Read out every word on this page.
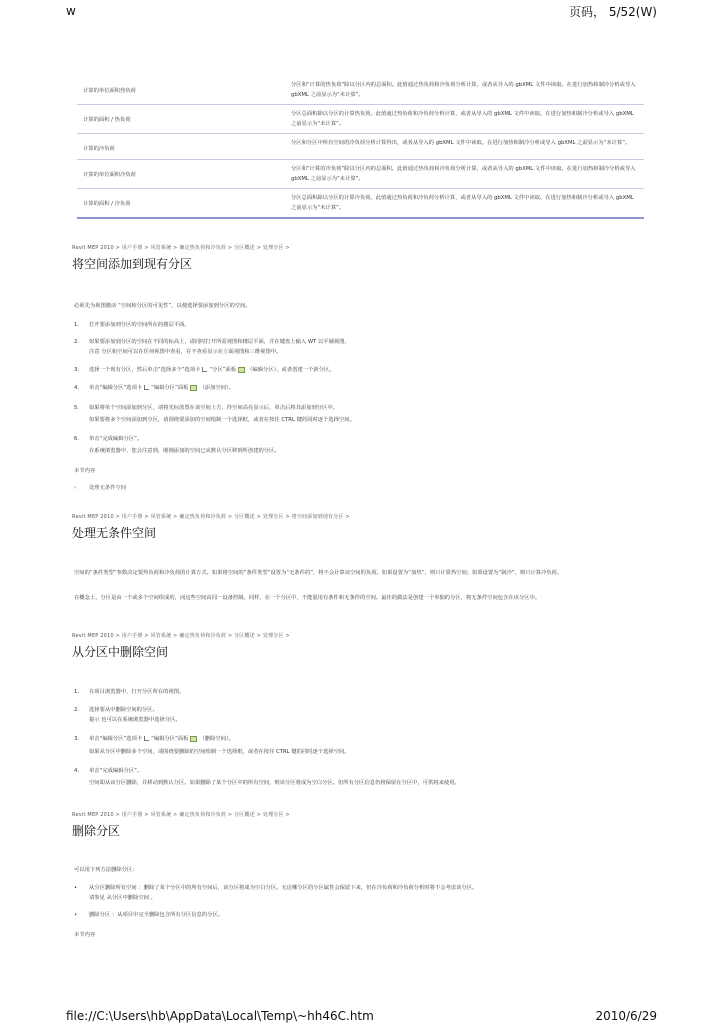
w	页码， 5/52(W)
计算的单位面积热负荷
分区和“计算的热负荷”除以分区内的总面积。此值通过热负荷和冷负荷分析计算，或者从导入的 gbXML 文件中读取。在进行加热和制冷分析或导入 gbXML 之前显示为“未计算”。
计算的面积 / 热负荷
分区总面积除以分区的计算热负荷。此值通过热负荷和冷负荷分析计算，或者从导入的 gbXML 文件中读取。在进行加热和制冷分析或导入 gbXML 之前显示为“未计算”。
计算的冷负荷
分区和分区中所有空间的冷负荷分析计算得出，或者从导入的 gbXML 文件中读取。在进行加热和制冷分析或导入 gbXML 之前显示为“未计算”。
计算的单位面积冷负荷
分区和“计算的冷负荷”除以分区内的总面积。此值通过热负荷和冷负荷分析计算，或者从导入的 gbXML 文件中读取。在进行加热和制冷分析或导入 gbXML 之前显示为“未计算”。
计算的面积 / 冷负荷
分区总面积除以分区的计算冷负荷。此值通过热负荷和冷负荷分析计算，或者从导入的 gbXML 文件中读取。在进行加热和制冷分析或导入 gbXML 之前显示为“未计算”。
Revit MEP 2010 > 用户手册 > 风管系统 > 确定热负荷和冷负荷 > 分区概述 > 处理分区 >
将空间添加到现有分区
必须先为视图激活 “空间和分区的可见性”，以便选择要添加到分区的空间。
1. 打开要添加到分区的空间所在的楼层平面。
2. 如果要添加到分区的空间在不同的标高上，请同时打开所需视图和楼层平面，并在键盘上输入 WT 以平铺视图。
注意 分区和空间可以在任何视图中查看，在不查看显示在立面视图和三维视图中。
3. 选择一个现有分区，然后单击“选择多个”选项卡 “分区”面板 （编辑分区），或者创建一个新分区。
4. 单击“编辑分区”选项卡 “编辑分区”面板 （添加空间）。
5. 如果将单个空间添加到分区，请将光标放置在该空间上方，待空间高亮显示后，单击后将其添加到分区中。
如果要将多个空间添加到分区，请围绕要添加的空间绘制一个选择框，或者在按住 CTRL 键的同时逐个选择空间。
6. 单击“完成编辑分区”。
在系统浏览器中，您会注意到，刚刚添加的空间已从默认分区移到所创建的分区。
本节内容
› 处理无条件空间
Revit MEP 2010 > 用户手册 > 风管系统 > 确定热负荷和冷负荷 > 分区概述 > 处理分区 > 将空间添加到现有分区 >
处理无条件空间
空间的“条件类型”参数决定要热负荷和冷负荷的计算方式。如果将空间的“条件类型”设置为“无条件的”，将不会计算该空间的负荷。如果设置为“加热”，则只计算热空间；如果设置为“制冷”，则只计算冷负荷。
在概念上，分区是由一个或多个空间组成的，而这些空间由同一设备控制。同样，在一个分区中，不能混用有条件和无条件的空间。最佳的做法是创建一个单独的分区，将无条件空间包含在该分区中。
Revit MEP 2010 > 用户手册 > 风管系统 > 确定热负荷和冷负荷 > 分区概述 > 处理分区 >
从分区中删除空间
1. 在项目浏览器中，打开分区所在的视图。
2. 选择要从中删除空间的分区。
提示 也可以在系统浏览器中选择分区。
3. 单击“编辑分区”选项卡 “编辑分区”面板 （删除空间）。
如果从分区中删除多个空间，请围绕要删除的空间绘制一个选择框，或者在按住 CTRL 键的同时逐个选择空间。
4. 单击“完成编辑分区”。
空间即从该分区删除，并移动到默认分区。如果删除了某个分区中的所有空间，则该分区将成为空白分区。但所有分区信息仍将保留在分区中，可供将来使用。
Revit MEP 2010 > 用户手册 > 风管系统 > 确定热负荷和冷负荷 > 分区概述 > 处理分区 >
删除分区
可以用下列方法删除分区：
• 从分区删除所有空间 ：删除了某个分区中的所有空间后，该分区将成为空白分区。无论哪分区的分区属性会保留下来，但在冷负荷和冷负荷分析时将不会考虑该分区。
请参见 从分区中删除空间 。
• 删除分区 ：从项目中完全删除包含所有分区信息的分区。
本节内容
file://C:\Users\hb\AppData\Local\Temp\~hh46C.htm	2010/6/29
